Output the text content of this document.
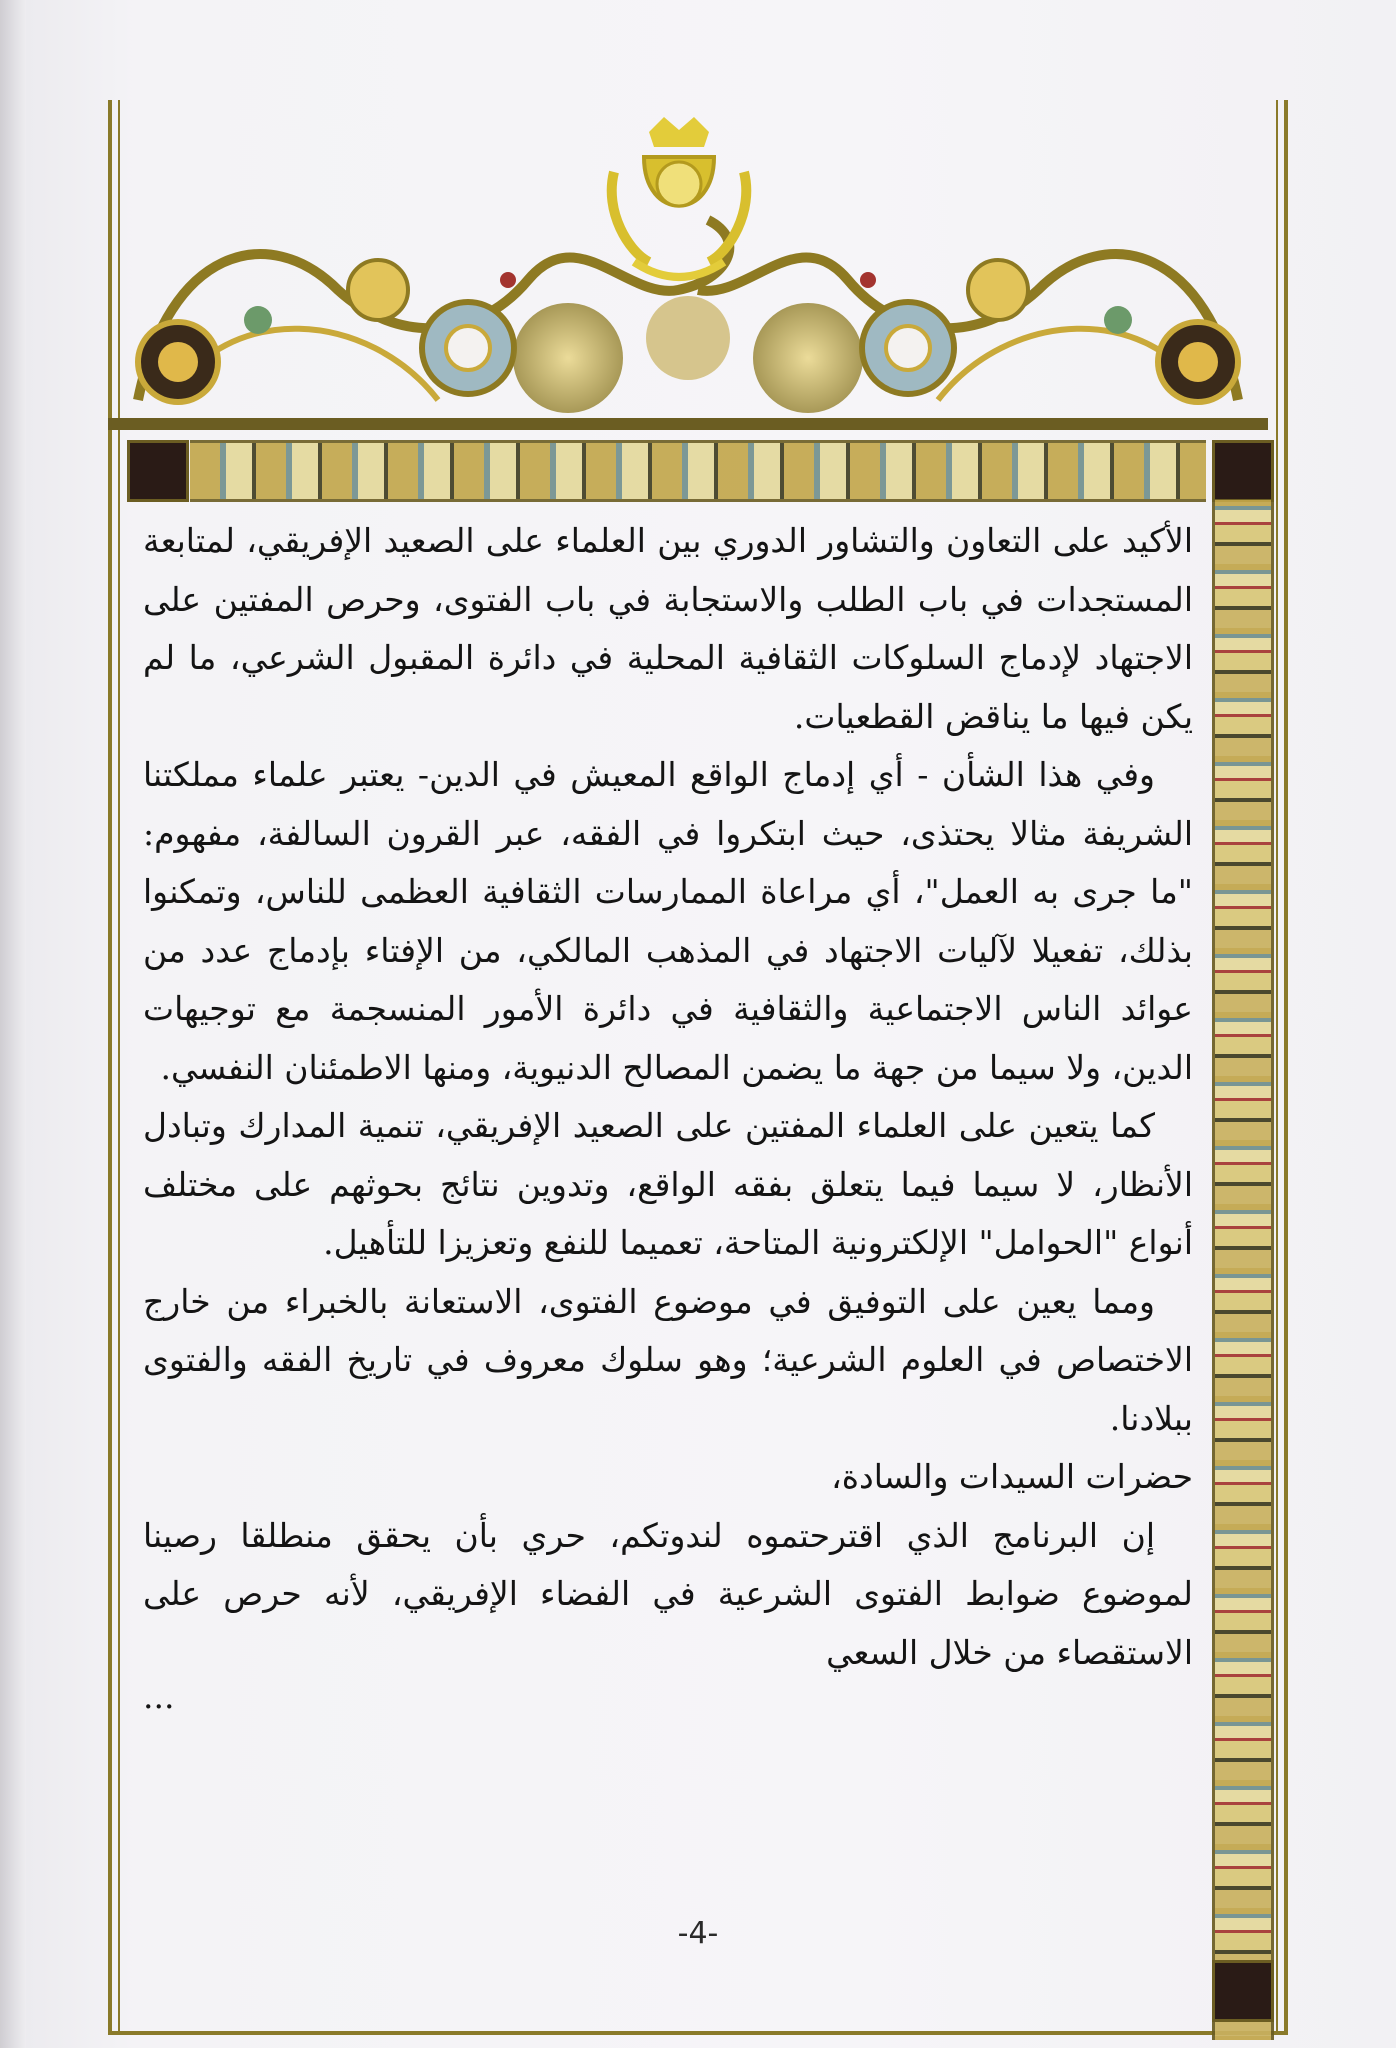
الأكيد على التعاون والتشاور الدوري بين العلماء على الصعيد الإفريقي، لمتابعة المستجدات في باب الطلب والاستجابة في باب الفتوى، وحرص المفتين على الاجتهاد لإدماج السلوكات الثقافية المحلية في دائرة المقبول الشرعي، ما لم يكن فيها ما يناقض القطعيات.

وفي هذا الشأن - أي إدماج الواقع المعيش في الدين- يعتبر علماء مملكتنا الشريفة مثالا يحتذى، حيث ابتكروا في الفقه، عبر القرون السالفة، مفهوم: "ما جرى به العمل"، أي مراعاة الممارسات الثقافية العظمى للناس، وتمكنوا بذلك، تفعيلا لآليات الاجتهاد في المذهب المالكي، من الإفتاء بإدماج عدد من عوائد الناس الاجتماعية والثقافية في دائرة الأمور المنسجمة مع توجيهات الدين، ولا سيما من جهة ما يضمن المصالح الدنيوية، ومنها الاطمئنان النفسي.

كما يتعين على العلماء المفتين على الصعيد الإفريقي، تنمية المدارك وتبادل الأنظار، لا سيما فيما يتعلق بفقه الواقع، وتدوين نتائج بحوثهم على مختلف أنواع "الحوامل" الإلكترونية المتاحة، تعميما للنفع وتعزيزا للتأهيل.

ومما يعين على التوفيق في موضوع الفتوى، الاستعانة بالخبراء من خارج الاختصاص في العلوم الشرعية؛ وهو سلوك معروف في تاريخ الفقه والفتوى ببلادنا.

حضرات السيدات والسادة،

إن البرنامج الذي اقترحتموه لندوتكم، حري بأن يحقق منطلقا رصينا لموضوع ضوابط الفتوى الشرعية في الفضاء الإفريقي، لأنه حرص على الاستقصاء من خلال السعي

...

-4-
